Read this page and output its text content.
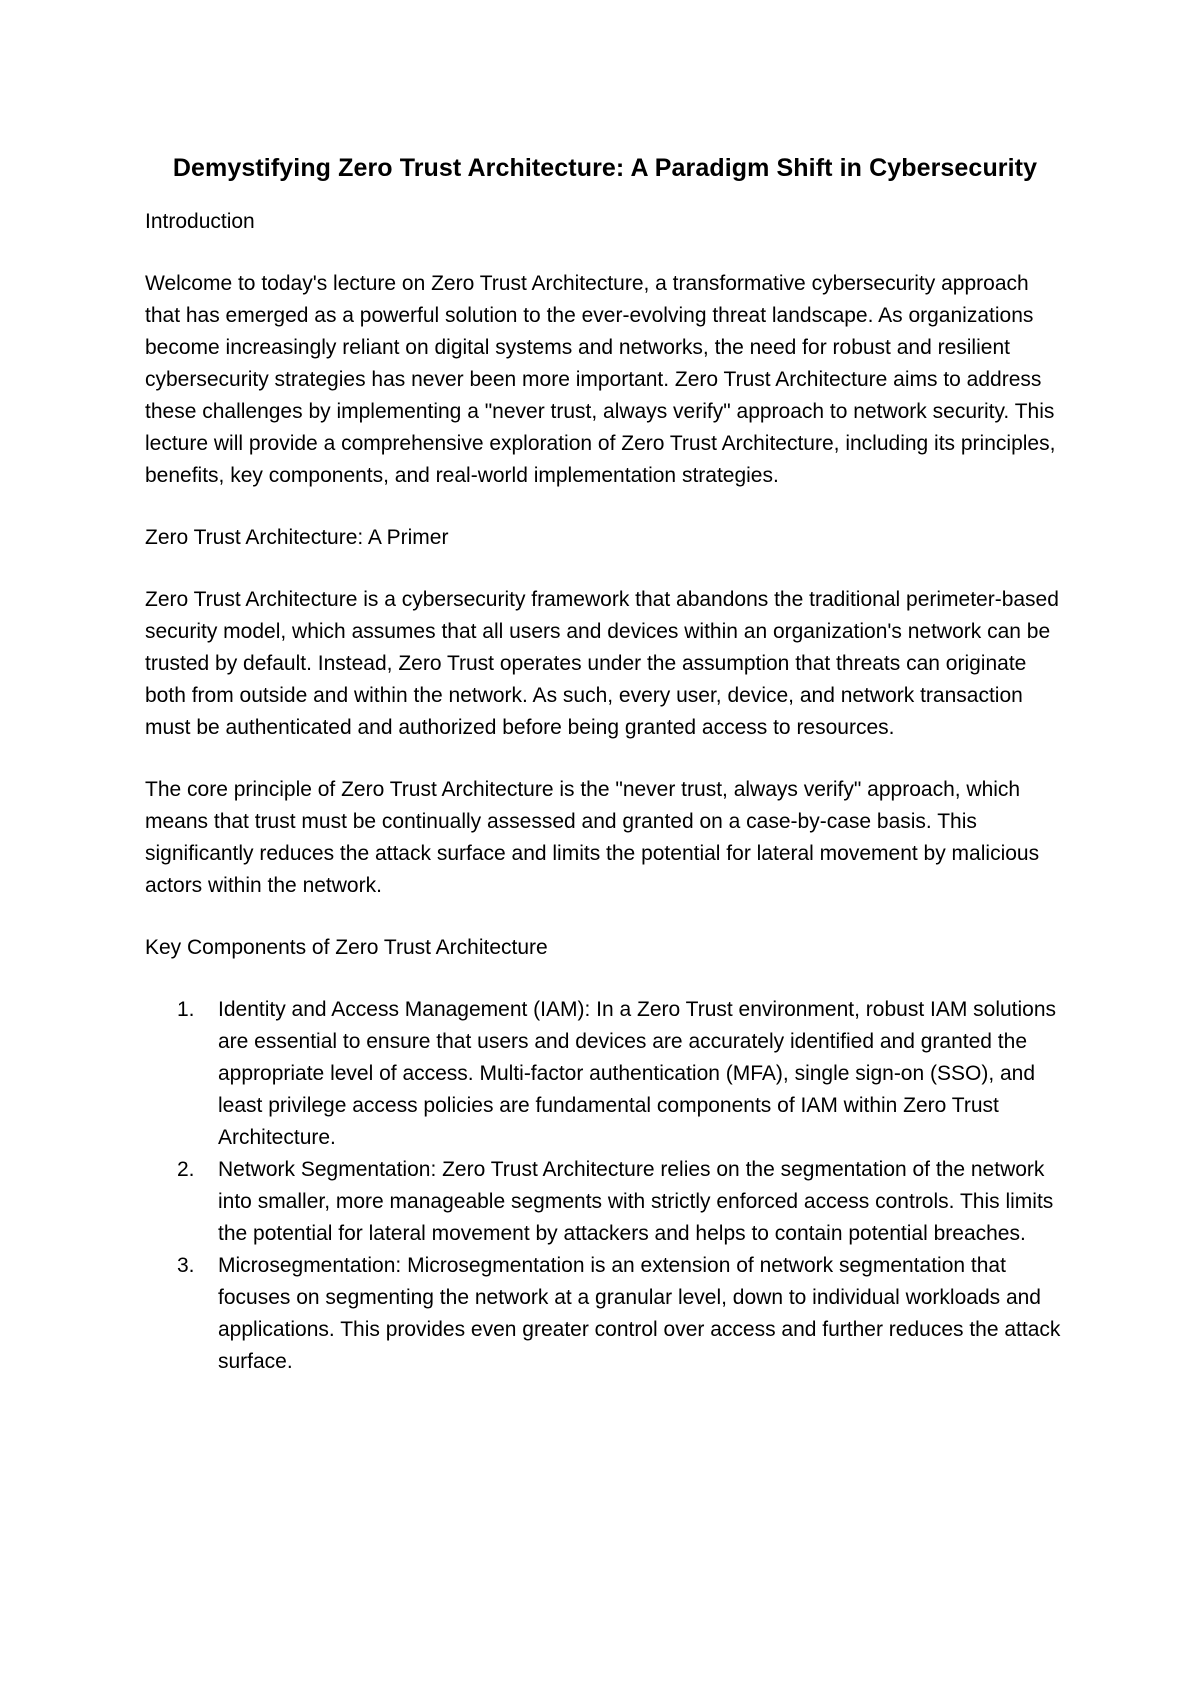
Demystifying Zero Trust Architecture: A Paradigm Shift in Cybersecurity

Introduction

Welcome to today's lecture on Zero Trust Architecture, a transformative cybersecurity approach that has emerged as a powerful solution to the ever-evolving threat landscape. As organizations become increasingly reliant on digital systems and networks, the need for robust and resilient cybersecurity strategies has never been more important. Zero Trust Architecture aims to address these challenges by implementing a "never trust, always verify" approach to network security. This lecture will provide a comprehensive exploration of Zero Trust Architecture, including its principles, benefits, key components, and real-world implementation strategies.

Zero Trust Architecture: A Primer

Zero Trust Architecture is a cybersecurity framework that abandons the traditional perimeter-based security model, which assumes that all users and devices within an organization's network can be trusted by default. Instead, Zero Trust operates under the assumption that threats can originate both from outside and within the network. As such, every user, device, and network transaction must be authenticated and authorized before being granted access to resources.

The core principle of Zero Trust Architecture is the "never trust, always verify" approach, which means that trust must be continually assessed and granted on a case-by-case basis. This significantly reduces the attack surface and limits the potential for lateral movement by malicious actors within the network.

Key Components of Zero Trust Architecture

1. Identity and Access Management (IAM): In a Zero Trust environment, robust IAM solutions are essential to ensure that users and devices are accurately identified and granted the appropriate level of access. Multi-factor authentication (MFA), single sign-on (SSO), and least privilege access policies are fundamental components of IAM within Zero Trust Architecture.
2. Network Segmentation: Zero Trust Architecture relies on the segmentation of the network into smaller, more manageable segments with strictly enforced access controls. This limits the potential for lateral movement by attackers and helps to contain potential breaches.
3. Microsegmentation: Microsegmentation is an extension of network segmentation that focuses on segmenting the network at a granular level, down to individual workloads and applications. This provides even greater control over access and further reduces the attack surface.
